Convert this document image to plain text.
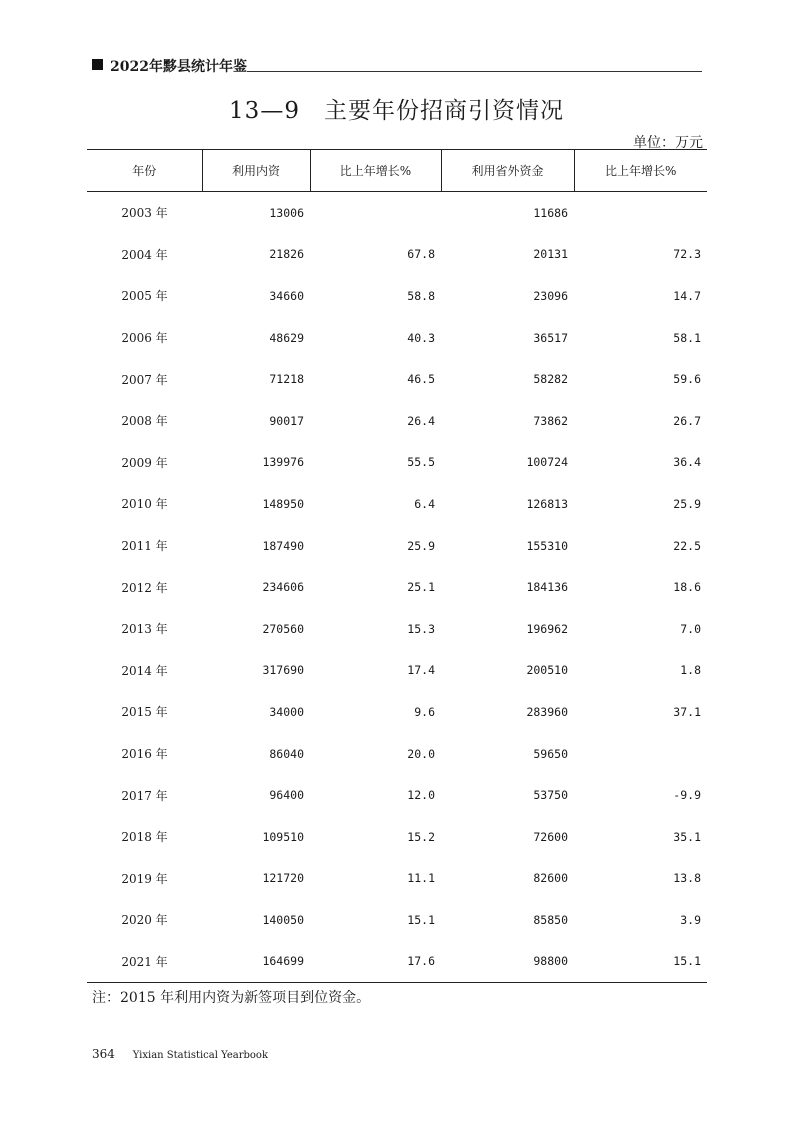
2022年黟县统计年鉴
13—9　主要年份招商引资情况
单位：万元
年份	利用内资	比上年增长%	利用省外资金	比上年增长%
2003 年	13006		11686	
2004 年	21826	67.8	20131	72.3
2005 年	34660	58.8	23096	14.7
2006 年	48629	40.3	36517	58.1
2007 年	71218	46.5	58282	59.6
2008 年	90017	26.4	73862	26.7
2009 年	139976	55.5	100724	36.4
2010 年	148950	6.4	126813	25.9
2011 年	187490	25.9	155310	22.5
2012 年	234606	25.1	184136	18.6
2013 年	270560	15.3	196962	7.0
2014 年	317690	17.4	200510	1.8
2015 年	34000	9.6	283960	37.1
2016 年	86040	20.0	59650	
2017 年	96400	12.0	53750	-9.9
2018 年	109510	15.2	72600	35.1
2019 年	121720	11.1	82600	13.8
2020 年	140050	15.1	85850	3.9
2021 年	164699	17.6	98800	15.1
注：2015 年利用内资为新签项目到位资金。
364 Yixian Statistical Yearbook
